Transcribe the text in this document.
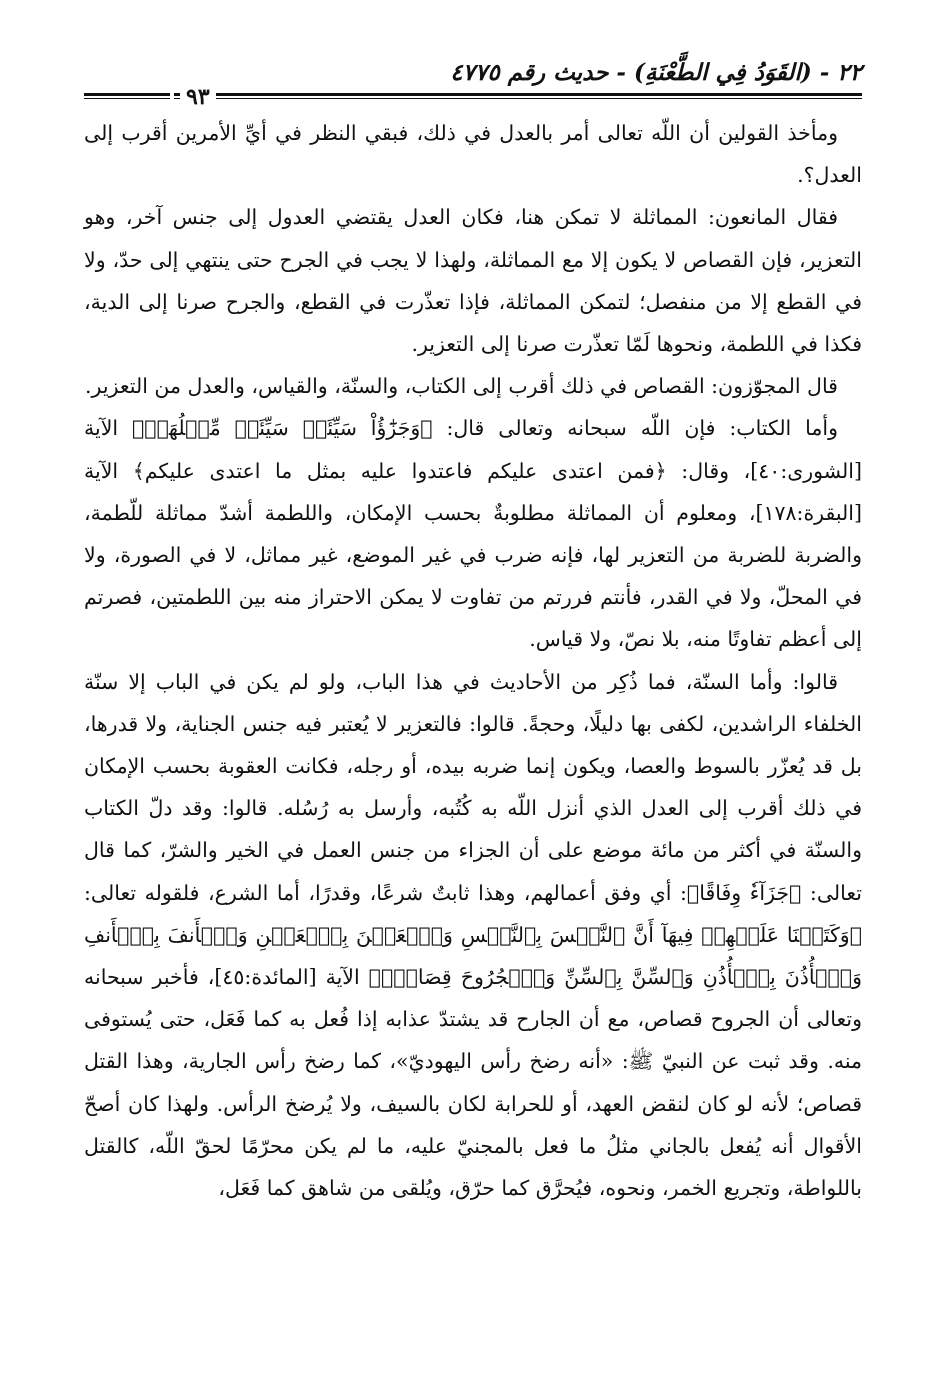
٢٢ - (القَوَدُ فِي الطَّعْنَةِ) - حديث رقم ٤٧٧٥
٩٣

ومأخذ القولين أن اللّه تعالى أمر بالعدل في ذلك، فبقي النظر في أيِّ الأمرين أقرب إلى العدل؟.

فقال المانعون: المماثلة لا تمكن هنا، فكان العدل يقتضي العدول إلى جنس آخر، وهو التعزير، فإن القصاص لا يكون إلا مع المماثلة، ولهذا لا يجب في الجرح حتى ينتهي إلى حدّ، ولا في القطع إلا من منفصل؛ لتمكن المماثلة، فإذا تعذّرت في القطع، والجرح صرنا إلى الدية، فكذا في اللطمة، ونحوها لَمّا تعذّرت صرنا إلى التعزير.

قال المجوّزون: القصاص في ذلك أقرب إلى الكتاب، والسنّة، والقياس، والعدل من التعزير.

وأما الكتاب: فإن اللّه سبحانه وتعالى قال: ﴿وَجَزَٰٓؤُاْ سَيِّئَةٖ سَيِّئَةٞ مِّثۡلُهَاۖ﴾ الآية [الشورى:٤٠]، وقال: ﴿فمن اعتدى عليكم فاعتدوا عليه بمثل ما اعتدى عليكم﴾ الآية [البقرة:١٧٨]، ومعلوم أن المماثلة مطلوبةٌ بحسب الإمكان، واللطمة أشدّ مماثلة للّطمة، والضربة للضربة من التعزير لها، فإنه ضرب في غير الموضع، غير مماثل، لا في الصورة، ولا في المحلّ، ولا في القدر، فأنتم فررتم من تفاوت لا يمكن الاحتراز منه بين اللطمتين، فصرتم إلى أعظم تفاوتًا منه، بلا نصّ، ولا قياس.

قالوا: وأما السنّة، فما ذُكِر من الأحاديث في هذا الباب، ولو لم يكن في الباب إلا سنّة الخلفاء الراشدين، لكفى بها دليلًا، وحجةً. قالوا: فالتعزير لا يُعتبر فيه جنس الجناية، ولا قدرها، بل قد يُعزّر بالسوط والعصا، ويكون إنما ضربه بيده، أو رجله، فكانت العقوبة بحسب الإمكان في ذلك أقرب إلى العدل الذي أنزل اللّه به كُتُبه، وأرسل به رُسُله. قالوا: وقد دلّ الكتاب والسنّة في أكثر من مائة موضع على أن الجزاء من جنس العمل في الخير والشرّ، كما قال تعالى: ﴿جَزَآءٗ وِفَاقًا﴾: أي وفق أعمالهم، وهذا ثابتٌ شرعًا، وقدرًا، أما الشرع، فلقوله تعالى: ﴿وَكَتَبۡنَا عَلَيۡهِمۡ فِيهَآ أَنَّ ٱلنَّفۡسَ بِٱلنَّفۡسِ وَٱلۡعَيۡنَ بِٱلۡعَيۡنِ وَٱلۡأَنفَ بِٱلۡأَنفِ وَٱلۡأُذُنَ بِٱلۡأُذُنِ وَٱلسِّنَّ بِٱلسِّنِّ وَٱلۡجُرُوحَ قِصَاصٞۚ﴾ الآية [المائدة:٤٥]، فأخبر سبحانه وتعالى أن الجروح قصاص، مع أن الجارح قد يشتدّ عذابه إذا فُعل به كما فَعَل، حتى يُستوفى منه. وقد ثبت عن النبيّ ﷺ: «أنه رضخ رأس اليهوديّ»، كما رضخ رأس الجارية، وهذا القتل قصاص؛ لأنه لو كان لنقض العهد، أو للحرابة لكان بالسيف، ولا يُرضخ الرأس. ولهذا كان أصحّ الأقوال أنه يُفعل بالجاني مثلُ ما فعل بالمجنيّ عليه، ما لم يكن محرّمًا لحقّ اللّه، كالقتل باللواطة، وتجريع الخمر، ونحوه، فيُحرَّق كما حرّق، ويُلقى من شاهق كما فَعَل،
